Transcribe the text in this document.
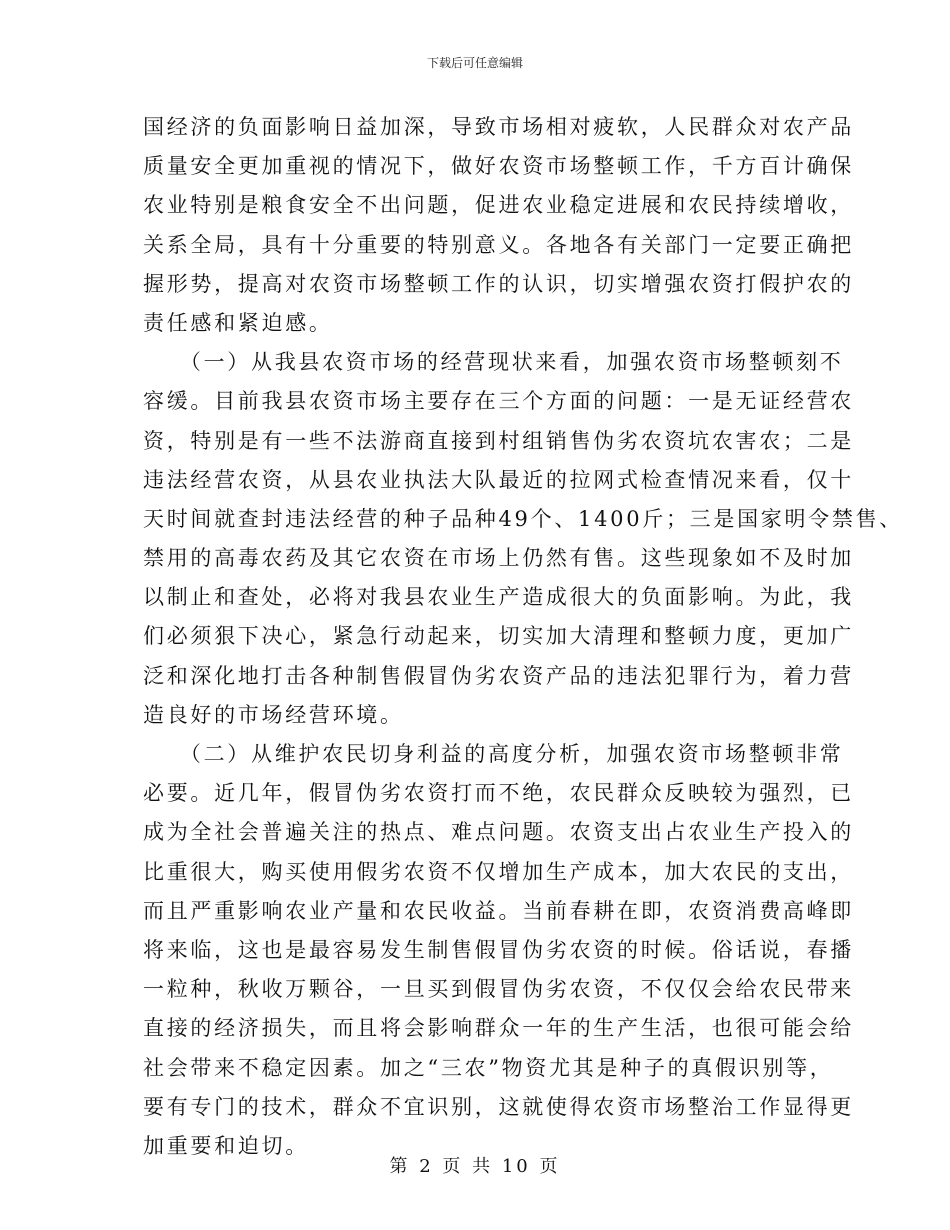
下载后可任意编辑
国经济的负面影响日益加深，导致市场相对疲软，人民群众对农产品
质量安全更加重视的情况下，做好农资市场整顿工作，千方百计确保
农业特别是粮食安全不出问题，促进农业稳定进展和农民持续增收，
关系全局，具有十分重要的特别意义。各地各有关部门一定要正确把
握形势，提高对农资市场整顿工作的认识，切实增强农资打假护农的
责任感和紧迫感。
　　（一）从我县农资市场的经营现状来看，加强农资市场整顿刻不
容缓。目前我县农资市场主要存在三个方面的问题：一是无证经营农
资，特别是有一些不法游商直接到村组销售伪劣农资坑农害农；二是
违法经营农资，从县农业执法大队最近的拉网式检查情况来看，仅十
天时间就查封违法经营的种子品种49个、1400斤；三是国家明令禁售、
禁用的高毒农药及其它农资在市场上仍然有售。这些现象如不及时加
以制止和查处，必将对我县农业生产造成很大的负面影响。为此，我
们必须狠下决心，紧急行动起来，切实加大清理和整顿力度，更加广
泛和深化地打击各种制售假冒伪劣农资产品的违法犯罪行为，着力营
造良好的市场经营环境。
　　（二）从维护农民切身利益的高度分析，加强农资市场整顿非常
必要。近几年，假冒伪劣农资打而不绝，农民群众反映较为强烈，已
成为全社会普遍关注的热点、难点问题。农资支出占农业生产投入的
比重很大，购买使用假劣农资不仅增加生产成本，加大农民的支出，
而且严重影响农业产量和农民收益。当前春耕在即，农资消费高峰即
将来临，这也是最容易发生制售假冒伪劣农资的时候。俗话说，春播
一粒种，秋收万颗谷，一旦买到假冒伪劣农资，不仅仅会给农民带来
直接的经济损失，而且将会影响群众一年的生产生活，也很可能会给
社会带来不稳定因素。加之“三农”物资尤其是种子的真假识别等，
要有专门的技术，群众不宜识别，这就使得农资市场整治工作显得更
加重要和迫切。
第 2 页 共 10 页
